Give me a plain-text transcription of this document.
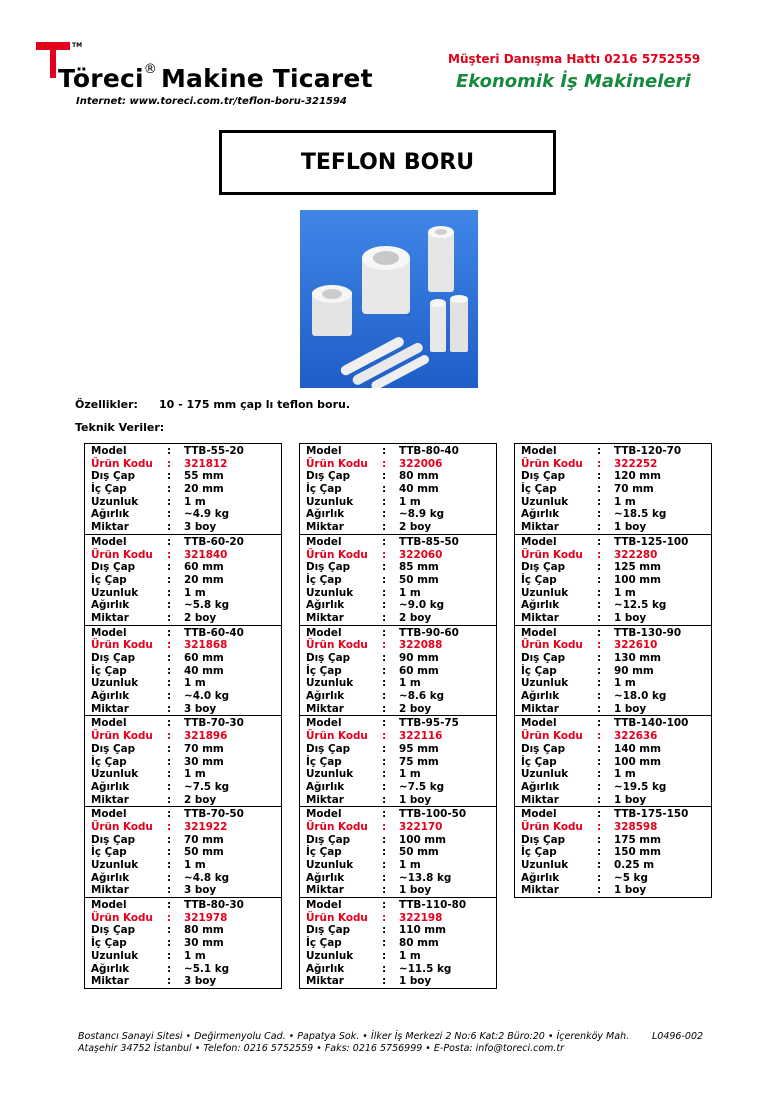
TM
Töreci® Makine Ticaret
Internet: www.toreci.com.tr/teflon-boru-321594
Müşteri Danışma Hattı 0216 5752559
Ekonomik İş Makineleri
TEFLON BORU
Özellikler: 10 - 175 mm çap lı teflon boru.
Teknik Veriler:
Model	: TTB-55-20
Ürün Kodu : 321812
Dış Çap	: 55 mm
İç Çap	: 20 mm
Uzunluk	: 1 m
Ağırlık	: ~4.9 kg
Miktar	: 3 boy
Model	: TTB-60-20
Ürün Kodu : 321840
Dış Çap	: 60 mm
İç Çap	: 20 mm
Uzunluk	: 1 m
Ağırlık	: ~5.8 kg
Miktar	: 2 boy
Model	: TTB-60-40
Ürün Kodu : 321868
Dış Çap	: 60 mm
İç Çap	: 40 mm
Uzunluk	: 1 m
Ağırlık	: ~4.0 kg
Miktar	: 3 boy
Model	: TTB-70-30
Ürün Kodu : 321896
Dış Çap	: 70 mm
İç Çap	: 30 mm
Uzunluk	: 1 m
Ağırlık	: ~7.5 kg
Miktar	: 2 boy
Model	: TTB-70-50
Ürün Kodu : 321922
Dış Çap	: 70 mm
İç Çap	: 50 mm
Uzunluk	: 1 m
Ağırlık	: ~4.8 kg
Miktar	: 3 boy
Model	: TTB-80-30
Ürün Kodu : 321978
Dış Çap	: 80 mm
İç Çap	: 30 mm
Uzunluk	: 1 m
Ağırlık	: ~5.1 kg
Miktar	: 3 boy
Model	: TTB-80-40
Ürün Kodu : 322006
Dış Çap	: 80 mm
İç Çap	: 40 mm
Uzunluk	: 1 m
Ağırlık	: ~8.9 kg
Miktar	: 2 boy
Model	: TTB-85-50
Ürün Kodu : 322060
Dış Çap	: 85 mm
İç Çap	: 50 mm
Uzunluk	: 1 m
Ağırlık	: ~9.0 kg
Miktar	: 2 boy
Model	: TTB-90-60
Ürün Kodu : 322088
Dış Çap	: 90 mm
İç Çap	: 60 mm
Uzunluk	: 1 m
Ağırlık	: ~8.6 kg
Miktar	: 2 boy
Model	: TTB-95-75
Ürün Kodu : 322116
Dış Çap	: 95 mm
İç Çap	: 75 mm
Uzunluk	: 1 m
Ağırlık	: ~7.5 kg
Miktar	: 1 boy
Model	: TTB-100-50
Ürün Kodu : 322170
Dış Çap	: 100 mm
İç Çap	: 50 mm
Uzunluk	: 1 m
Ağırlık	: ~13.8 kg
Miktar	: 1 boy
Model	: TTB-110-80
Ürün Kodu : 322198
Dış Çap	: 110 mm
İç Çap	: 80 mm
Uzunluk	: 1 m
Ağırlık	: ~11.5 kg
Miktar	: 1 boy
Model	: TTB-120-70
Ürün Kodu : 322252
Dış Çap	: 120 mm
İç Çap	: 70 mm
Uzunluk	: 1 m
Ağırlık	: ~18.5 kg
Miktar	: 1 boy
Model	: TTB-125-100
Ürün Kodu : 322280
Dış Çap	: 125 mm
İç Çap	: 100 mm
Uzunluk	: 1 m
Ağırlık	: ~12.5 kg
Miktar	: 1 boy
Model	: TTB-130-90
Ürün Kodu : 322610
Dış Çap	: 130 mm
İç Çap	: 90 mm
Uzunluk	: 1 m
Ağırlık	: ~18.0 kg
Miktar	: 1 boy
Model	: TTB-140-100
Ürün Kodu : 322636
Dış Çap	: 140 mm
İç Çap	: 100 mm
Uzunluk	: 1 m
Ağırlık	: ~19.5 kg
Miktar	: 1 boy
Model	: TTB-175-150
Ürün Kodu : 328598
Dış Çap	: 175 mm
İç Çap	: 150 mm
Uzunluk	: 0.25 m
Ağırlık	: ~5 kg
Miktar	: 1 boy
Bostancı Sanayi Sitesi • Değirmenyolu Cad. • Papatya Sok. • İlker İş Merkezi 2 No:6 Kat:2 Büro:20 • İçerenköy Mah.
Ataşehir 34752 İstanbul • Telefon: 0216 5752559 • Faks: 0216 5756999 • E-Posta: info@toreci.com.tr
L0496-002
